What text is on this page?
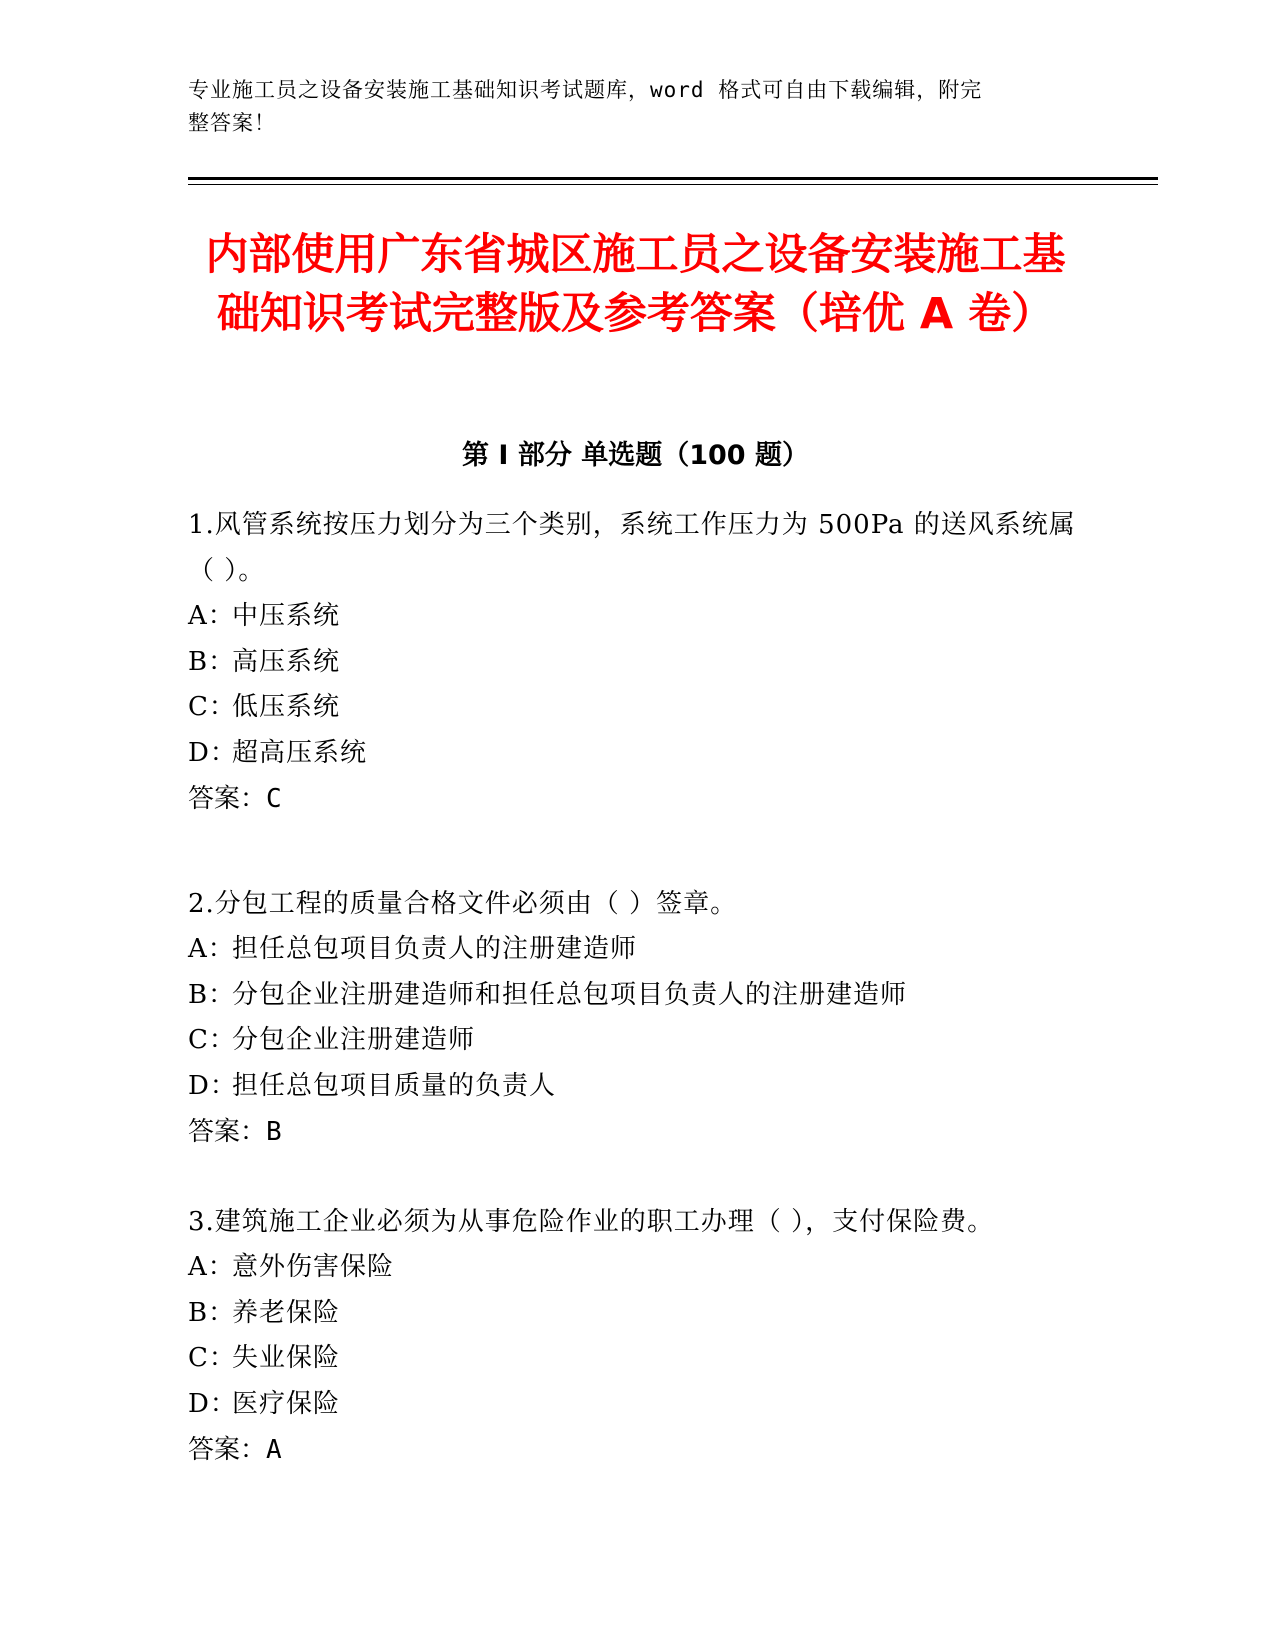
专业施工员之设备安装施工基础知识考试题库，word 格式可自由下载编辑，附完
整答案！
内部使用广东省城区施工员之设备安装施工基础知识考试完整版及参考答案（培优 A 卷）
第 I 部分 单选题（100 题）

1.风管系统按压力划分为三个类别，系统工作压力为 500Pa 的送风系统属（ ）。

A：中压系统

B：高压系统

C：低压系统

D：超高压系统

答案：C

2.分包工程的质量合格文件必须由（ ）签章。

A：担任总包项目负责人的注册建造师

B：分包企业注册建造师和担任总包项目负责人的注册建造师

C：分包企业注册建造师

D：担任总包项目质量的负责人

答案：B

3.建筑施工企业必须为从事危险作业的职工办理（ ），支付保险费。

A：意外伤害保险

B：养老保险

C：失业保险

D：医疗保险

答案：A
